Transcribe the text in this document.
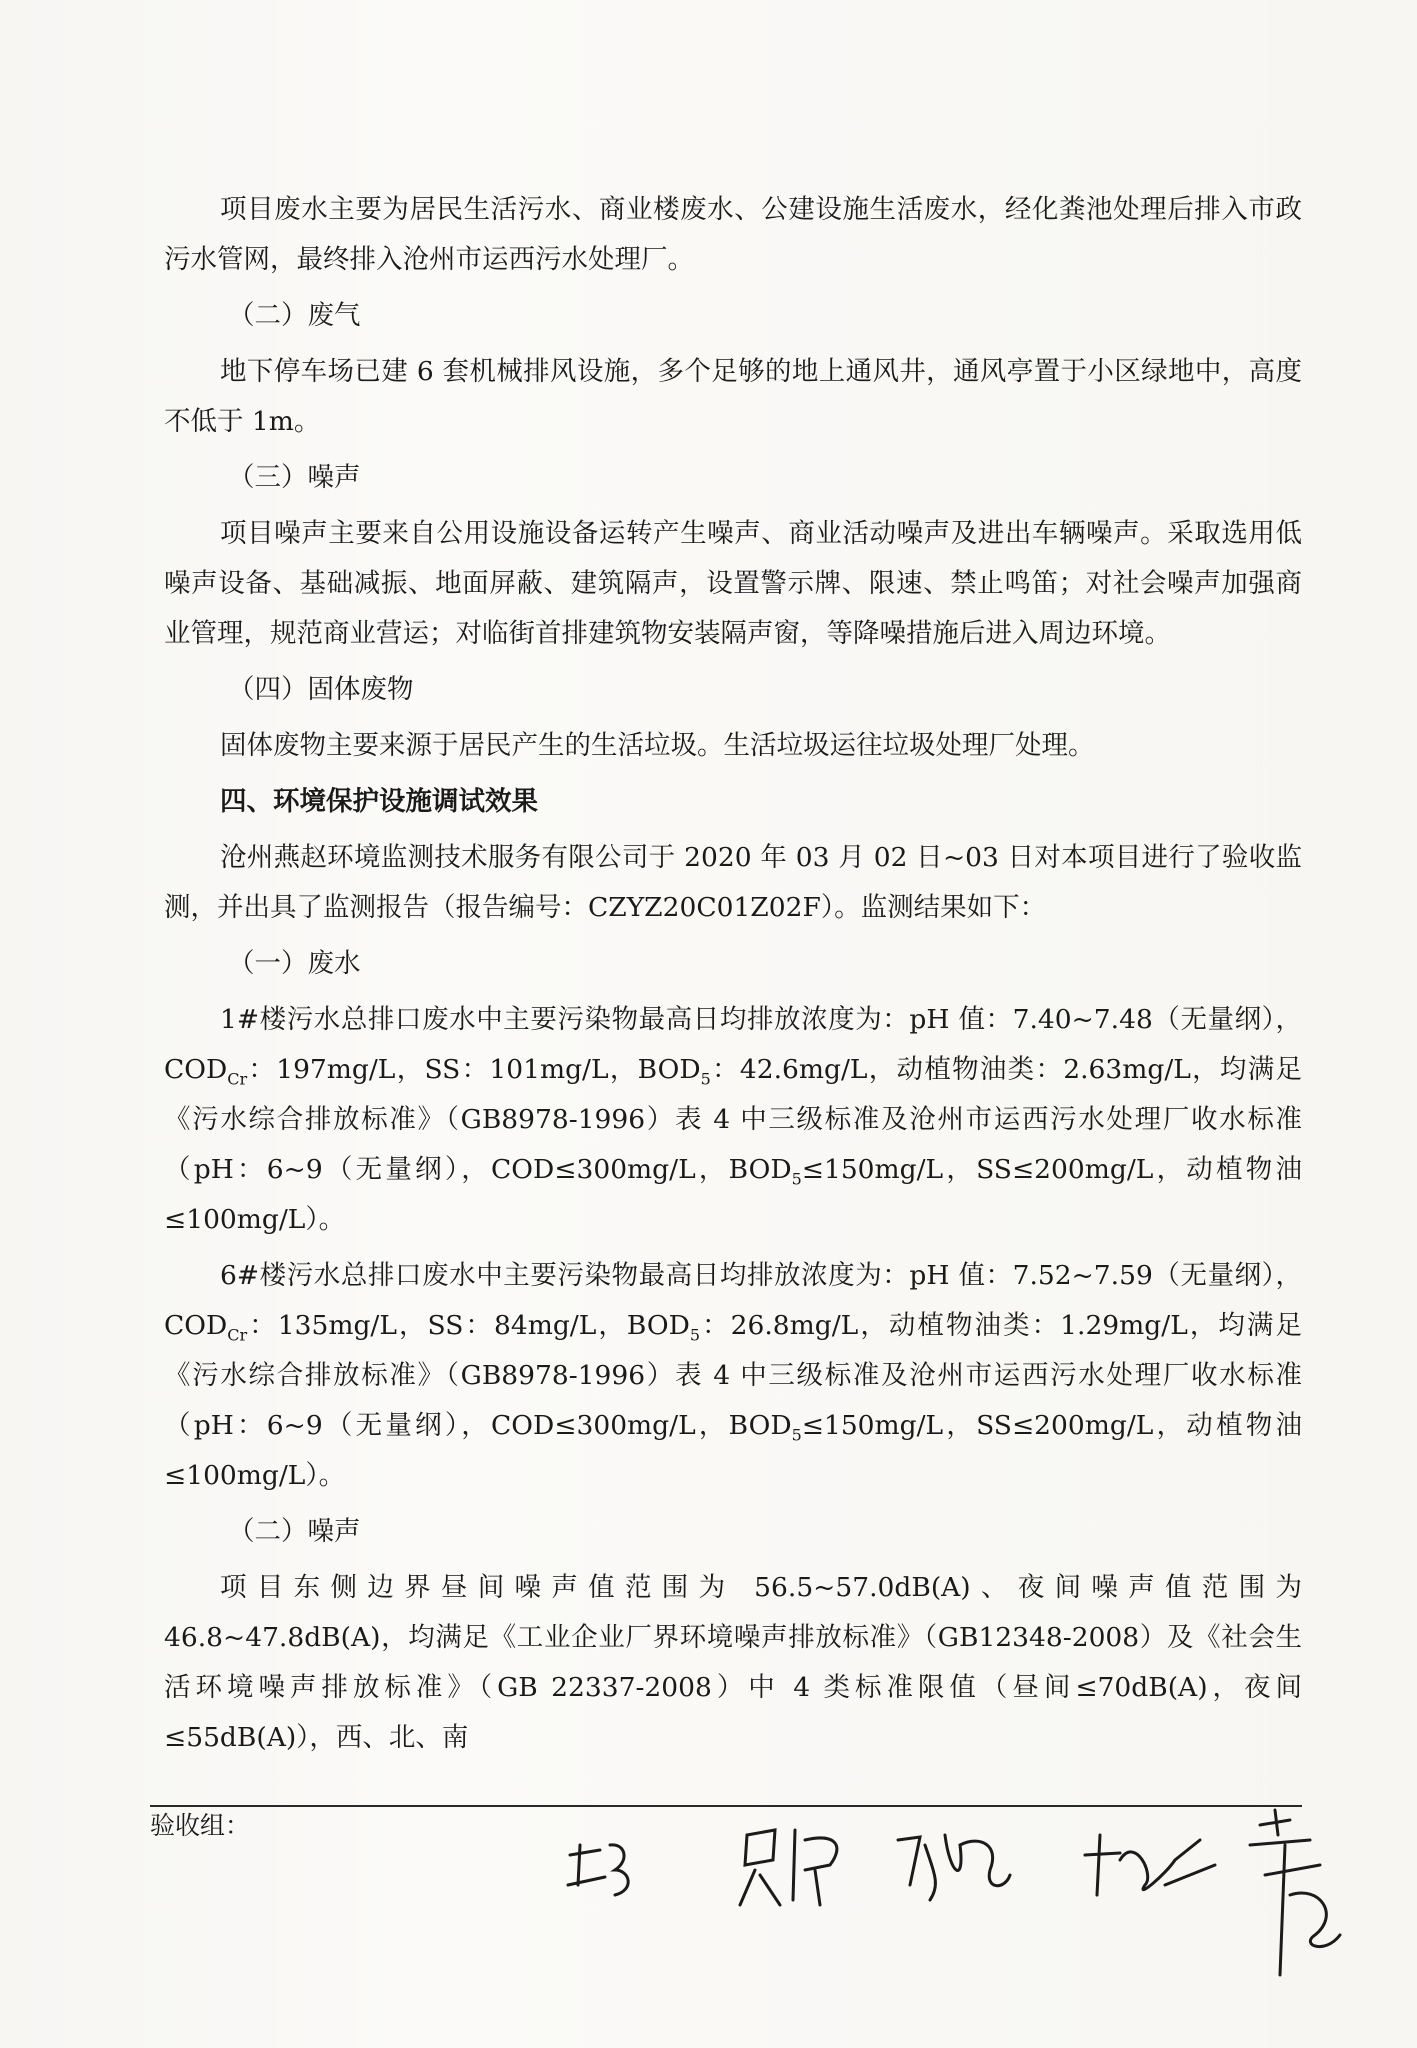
项目废水主要为居民生活污水、商业楼废水、公建设施生活废水，经化粪池处理后排入市政污水管网，最终排入沧州市运西污水处理厂。

（二）废气

地下停车场已建 6 套机械排风设施，多个足够的地上通风井，通风亭置于小区绿地中，高度不低于 1m。

（三）噪声

项目噪声主要来自公用设施设备运转产生噪声、商业活动噪声及进出车辆噪声。采取选用低噪声设备、基础减振、地面屏蔽、建筑隔声，设置警示牌、限速、禁止鸣笛；对社会噪声加强商业管理，规范商业营运；对临街首排建筑物安装隔声窗，等降噪措施后进入周边环境。

（四）固体废物

固体废物主要来源于居民产生的生活垃圾。生活垃圾运往垃圾处理厂处理。

四、环境保护设施调试效果

沧州燕赵环境监测技术服务有限公司于 2020 年 03 月 02 日~03 日对本项目进行了验收监测，并出具了监测报告（报告编号：CZYZ20C01Z02F）。监测结果如下：

（一）废水

1#楼污水总排口废水中主要污染物最高日均排放浓度为：pH 值：7.40~7.48（无量纲），$COD_{Cr}$：197mg/L，SS：101mg/L，$BOD_5$：42.6mg/L，动植物油类：2.63mg/L，均满足《污水综合排放标准》（GB8978-1996）表 4 中三级标准及沧州市运西污水处理厂收水标准（pH：6~9（无量纲），COD≤300mg/L，$BOD_5\le 150mg/L$，SS≤200mg/L，动植物油≤100mg/L）。

6#楼污水总排口废水中主要污染物最高日均排放浓度为：pH 值：7.52~7.59（无量纲），$COD_{Cr}$：135mg/L，SS：84mg/L，$BOD_5$：26.8mg/L，动植物油类：1.29mg/L，均满足《污水综合排放标准》（GB8978-1996）表 4 中三级标准及沧州市运西污水处理厂收水标准（pH：6~9（无量纲），COD≤300mg/L，$BOD_5\le 150mg/L$，SS≤200mg/L，动植物油≤100mg/L）。

（二）噪声

项目东侧边界昼间噪声值范围为 56.5~57.0dB(A)、夜间噪声值范围为 46.8~47.8dB(A)，均满足《工业企业厂界环境噪声排放标准》（GB12348-2008）及《社会生活环境噪声排放标准》（GB 22337-2008）中 4 类标准限值（昼间≤70dB(A)，夜间≤55dB(A)），西、北、南

验收组：
